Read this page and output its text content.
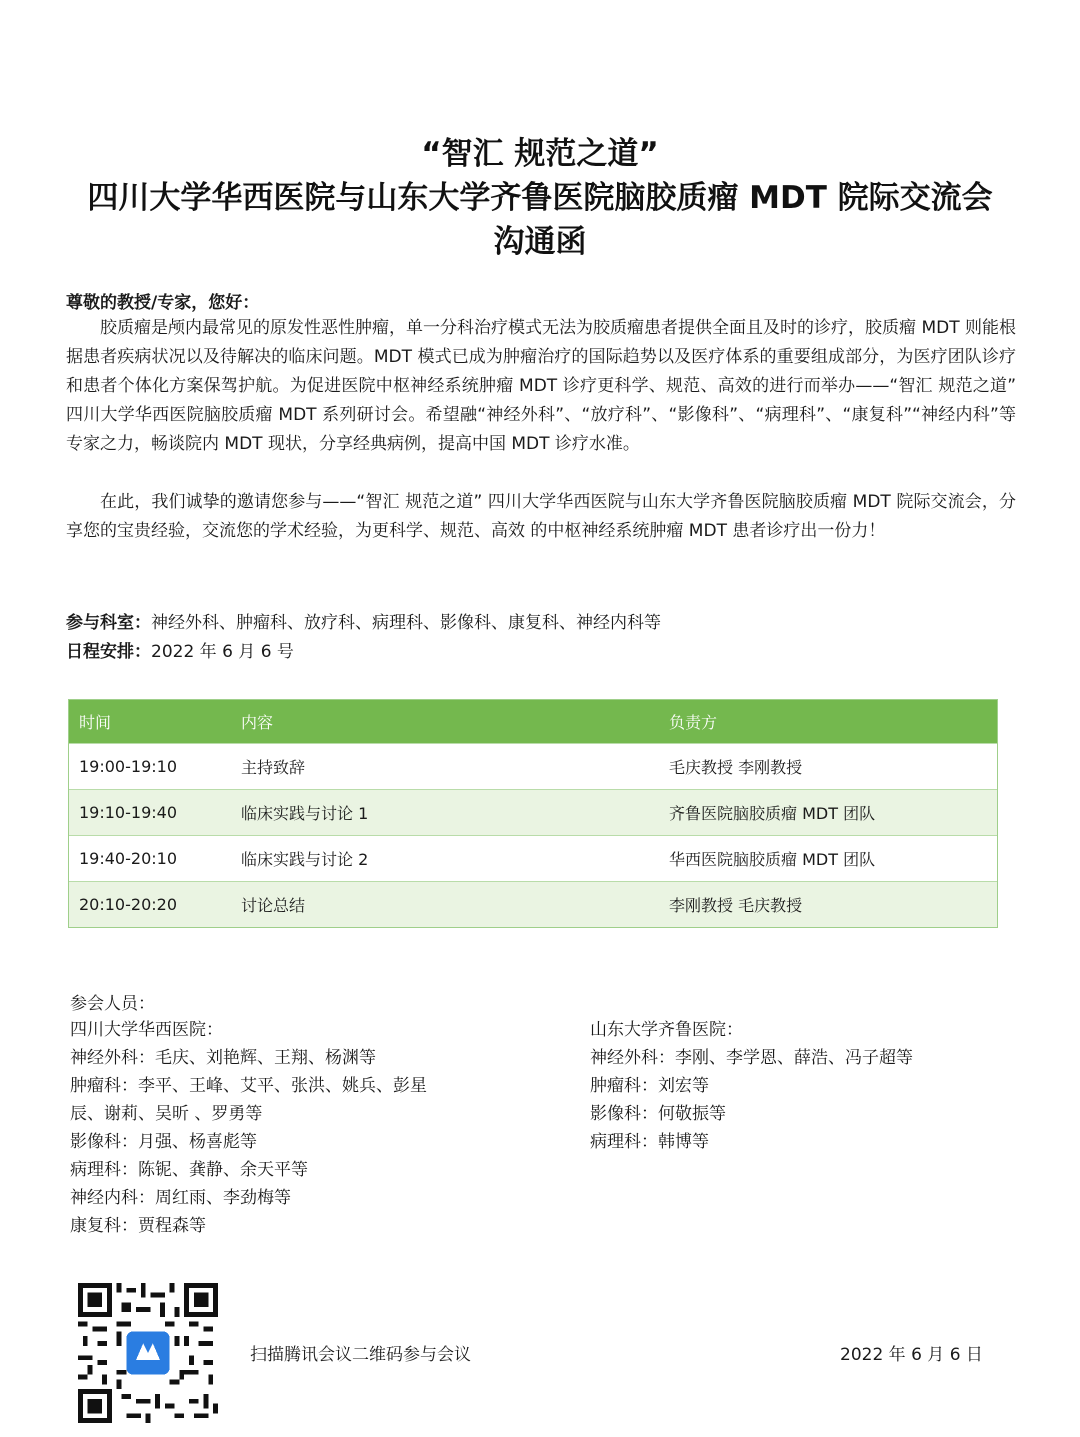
“智汇 规范之道”
四川大学华西医院与山东大学齐鲁医院脑胶质瘤 MDT 院际交流会
沟通函
尊敬的教授/专家，您好：

胶质瘤是颅内最常见的原发性恶性肿瘤，单一分科治疗模式无法为胶质瘤患者提供全面且及时的诊疗，胶质瘤 MDT 则能根据患者疾病状况以及待解决的临床问题。MDT 模式已成为肿瘤治疗的国际趋势以及医疗体系的重要组成部分，为医疗团队诊疗和患者个体化方案保驾护航。为促进医院中枢神经系统肿瘤 MDT 诊疗更科学、规范、高效的进行而举办——“智汇 规范之道” 四川大学华西医院脑胶质瘤 MDT 系列研讨会。希望融“神经外科”、“放疗科”、“影像科”、“病理科”、“康复科”“神经内科”等专家之力，畅谈院内 MDT 现状，分享经典病例，提高中国 MDT 诊疗水准。

在此，我们诚挚的邀请您参与——“智汇 规范之道” 四川大学华西医院与山东大学齐鲁医院脑胶质瘤 MDT 院际交流会，分享您的宝贵经验，交流您的学术经验，为更科学、规范、高效 的中枢神经系统肿瘤 MDT 患者诊疗出一份力！

参与科室：神经外科、肿瘤科、放疗科、病理科、影像科、康复科、神经内科等
日程安排：2022 年 6 月 6 号
时间	内容	负责方
19:00-19:10	主持致辞	毛庆教授 李刚教授
19:10-19:40	临床实践与讨论 1	齐鲁医院脑胶质瘤 MDT 团队
19:40-20:10	临床实践与讨论 2	华西医院脑胶质瘤 MDT 团队
20:10-20:20	讨论总结	李刚教授 毛庆教授
参会人员：
四川大学华西医院：
神经外科：毛庆、刘艳辉、王翔、杨渊等
肿瘤科：李平、王峰、艾平、张洪、姚兵、彭星
辰、谢莉、吴昕 、罗勇等
影像科：月强、杨喜彪等
病理科：陈铌、龚静、余天平等
神经内科：周红雨、李劲梅等
康复科：贾程森等
山东大学齐鲁医院：
神经外科：李刚、李学恩、薛浩、冯子超等
肿瘤科：刘宏等
影像科：何敬振等
病理科：韩博等
扫描腾讯会议二维码参与会议	2022 年 6 月 6 日
